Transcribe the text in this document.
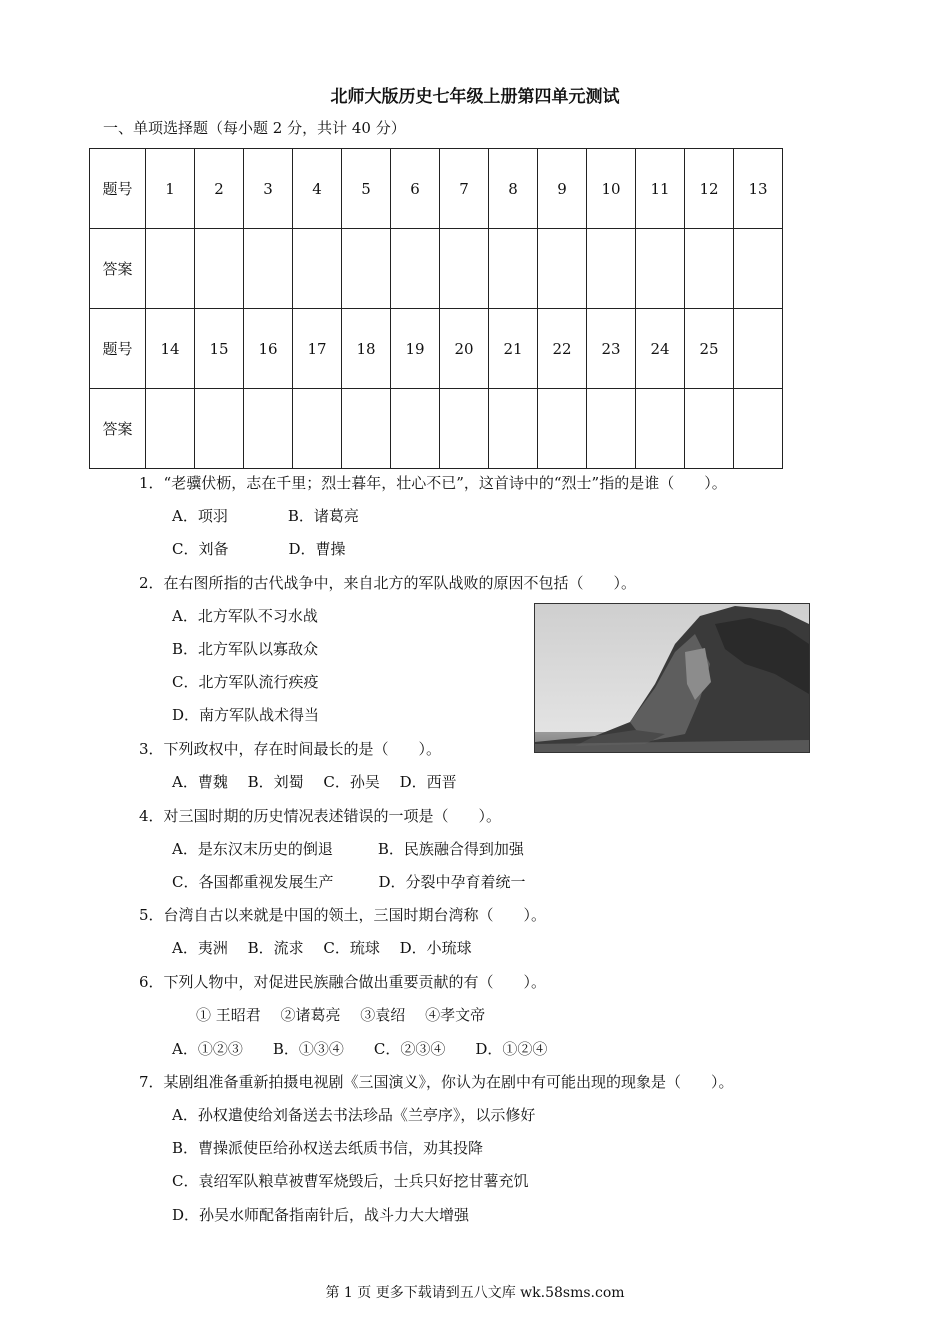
北师大版历史七年级上册第四单元测试
一、单项选择题（每小题 2 分，共计 40 分）
题号	1	2	3	4	5	6	7	8	9	10	11	12	13
答案													
题号	14	15	16	17	18	19	20	21	22	23	24	25	
答案													
1．“老骥伏枥，志在千里；烈士暮年，壮心不已”，这首诗中的“烈士”指的是谁（　　）。
A．项羽　　　　B．诸葛亮
C．刘备　　　　D．曹操
2．在右图所指的古代战争中，来自北方的军队战败的原因不包括（　　）。
A．北方军队不习水战
B．北方军队以寡敌众
C．北方军队流行疾疫
D．南方军队战术得当
3．下列政权中，存在时间最长的是（　　）。
A．曹魏　 B．刘蜀　 C．孙吴　 D．西晋
4．对三国时期的历史情况表述错误的一项是（　　）。
A．是东汉末历史的倒退　　　B．民族融合得到加强
C．各国都重视发展生产　　　D．分裂中孕育着统一
5．台湾自古以来就是中国的领土，三国时期台湾称（　　）。
A．夷洲　 B．流求　 C．琉球　 D．小琉球
6．下列人物中，对促进民族融合做出重要贡献的有（　　）。
① 王昭君　 ②诸葛亮　 ③袁绍　 ④孝文帝
A．①②③　　B．①③④　　C．②③④　　D．①②④
7．某剧组准备重新拍摄电视剧《三国演义》，你认为在剧中有可能出现的现象是（　　）。
A．孙权遣使给刘备送去书法珍品《兰亭序》，以示修好
B．曹操派使臣给孙权送去纸质书信，劝其投降
C．袁绍军队粮草被曹军烧毁后，士兵只好挖甘薯充饥
D．孙吴水师配备指南针后，战斗力大大增强
第 1 页 更多下载请到五八文库 wk.58sms.com
